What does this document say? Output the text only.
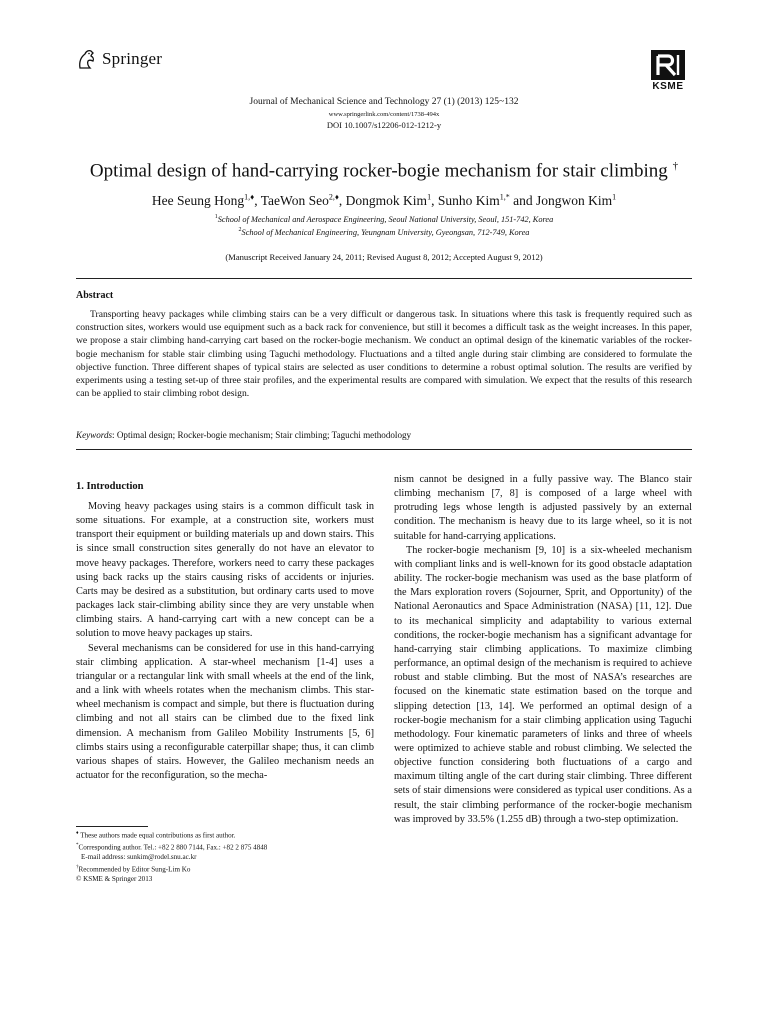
Springer
KSME
Journal of Mechanical Science and Technology 27 (1) (2013) 125~132
www.springerlink.com/content/1738-494x
DOI 10.1007/s12206-012-1212-y
Optimal design of hand-carrying rocker-bogie mechanism for stair climbing †
Hee Seung Hong$^{1,♦}$, TaeWon Seo$^{2,♦}$, Dongmok Kim$^1$, Sunho Kim$^{1,*}$ and Jongwon Kim$^1$
$^1$School of Mechanical and Aerospace Engineering, Seoul National University, Seoul, 151-742, Korea
$^2$School of Mechanical Engineering, Yeungnam University, Gyeongsan, 712-749, Korea
(Manuscript Received January 24, 2011; Revised August 8, 2012; Accepted August 9, 2012)
Abstract

Transporting heavy packages while climbing stairs can be a very difficult or dangerous task. In situations where this task is frequently required such as construction sites, workers would use equipment such as a back rack for convenience, but still it becomes a difficult task as the weight increases. In this paper, we propose a stair climbing hand-carrying cart based on the rocker-bogie mechanism. We conduct an optimal design of the kinematic variables of the rocker-bogie mechanism for stable stair climbing using Taguchi methodology. Fluctuations and a tilted angle during stair climbing are considered to formulate the objective function. Three different shapes of typical stairs are selected as user conditions to determine a robust optimal solution. The results are verified by experiments using a testing set-up of three stair profiles, and the experimental results are compared with simulation. We expect that the results of this research can be applied to stair climbing robot design.

Keywords: Optimal design; Rocker-bogie mechanism; Stair climbing; Taguchi methodology
1. Introduction

Moving heavy packages using stairs is a common difficult task in some situations. For example, at a construction site, workers must transport their equipment or building materials up and down stairs. This is since small construction sites generally do not have an elevator to move heavy packages. Therefore, workers need to carry these packages using back racks up the stairs causing risks of accidents or injuries. Carts may be desired as a substitution, but ordinary carts used to move packages lack stair-climbing ability since they are very unstable when climbing stairs. A hand-carrying cart with a new concept can be a solution to move heavy packages up stairs.

Several mechanisms can be considered for use in this hand-carrying stair climbing application. A star-wheel mechanism [1-4] uses a triangular or a rectangular link with small wheels at the end of the link, and a link with wheels rotates when the mechanism climbs. This star-wheel mechanism is compact and simple, but there is fluctuation during climbing and not all stairs can be climbed due to the fixed link dimension. A mechanism from Galileo Mobility Instruments [5, 6] climbs stairs using a reconfigurable caterpillar shape; thus, it can climb various shapes of stairs. However, the Galileo mechanism needs an actuator for the reconfiguration, so the mecha-

nism cannot be designed in a fully passive way. The Blanco stair climbing mechanism [7, 8] is composed of a large wheel with protruding legs whose length is adjusted passively by an external condition. The mechanism is heavy due to its large wheel, so it is not suitable for hand-carrying applications.

The rocker-bogie mechanism [9, 10] is a six-wheeled mechanism with compliant links and is well-known for its good obstacle adaptation ability. The rocker-bogie mechanism was used as the base platform of the Mars exploration rovers (Sojourner, Sprit, and Opportunity) of the National Aeronautics and Space Administration (NASA) [11, 12]. Due to its mechanical simplicity and adaptability to various external conditions, the rocker-bogie mechanism has a significant advantage for hand-carrying stair climbing applications. To maximize climbing performance, an optimal design of the mechanism is required to achieve robust and stable climbing. But the most of NASA’s researches are focused on the kinematic state estimation based on the torque and slipping detection [13, 14]. We performed an optimal design of a rocker-bogie mechanism for a stair climbing application using Taguchi methodology. Four kinematic parameters of links and three of wheels were optimized to achieve stable and robust climbing. We selected the objective function considering both fluctuations of a cargo and maximum tilting angle of the cart during stair climbing. Three different sets of stair dimensions were considered as typical user conditions. As a result, the stair climbing performance of the rocker-bogie mechanism was improved by 33.5% (1.255 dB) through a two-step optimization.

♦ These authors made equal contributions as first author.
*Corresponding author. Tel.: +82 2 880 7144, Fax.: +82 2 875 4848
E-mail address: sunkim@rodel.snu.ac.kr
†Recommended by Editor Sung-Lim Ko
© KSME & Springer 2013
